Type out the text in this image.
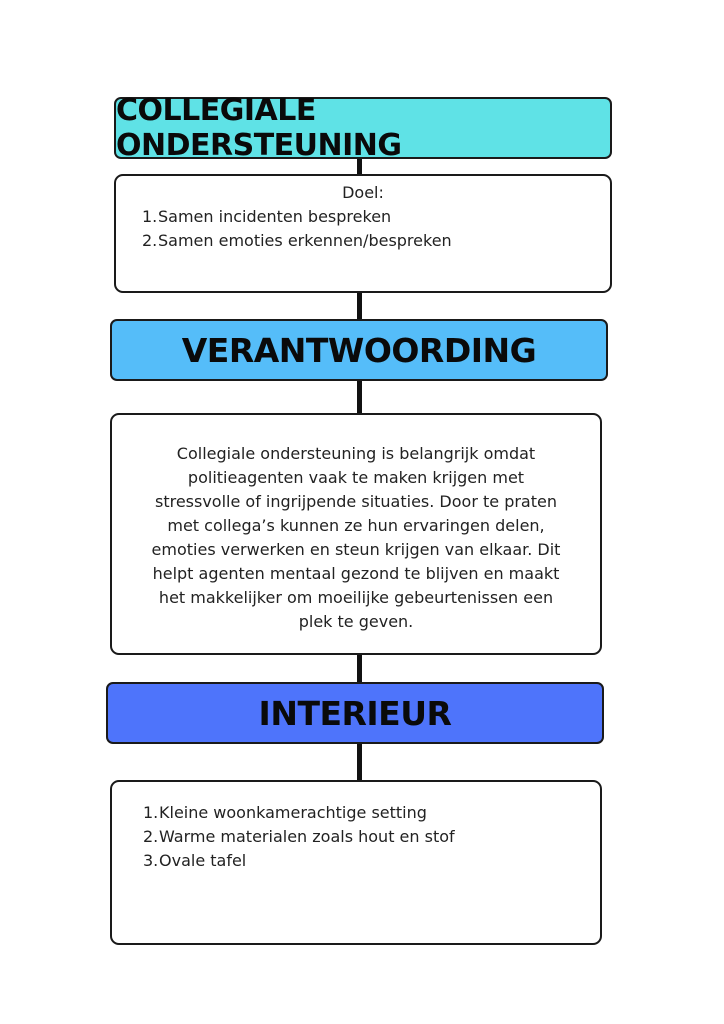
COLLEGIALE ONDERSTEUNING
Doel:
1. Samen incidenten bespreken
2. Samen emoties erkennen/bespreken
VERANTWOORDING
Collegiale ondersteuning is belangrijk omdat
politieagenten vaak te maken krijgen met
stressvolle of ingrijpende situaties. Door te praten
met collega’s kunnen ze hun ervaringen delen,
emoties verwerken en steun krijgen van elkaar. Dit
helpt agenten mentaal gezond te blijven en maakt
het makkelijker om moeilijke gebeurtenissen een
plek te geven.
INTERIEUR
1. Kleine woonkamerachtige setting
2. Warme materialen zoals hout en stof
3. Ovale tafel
